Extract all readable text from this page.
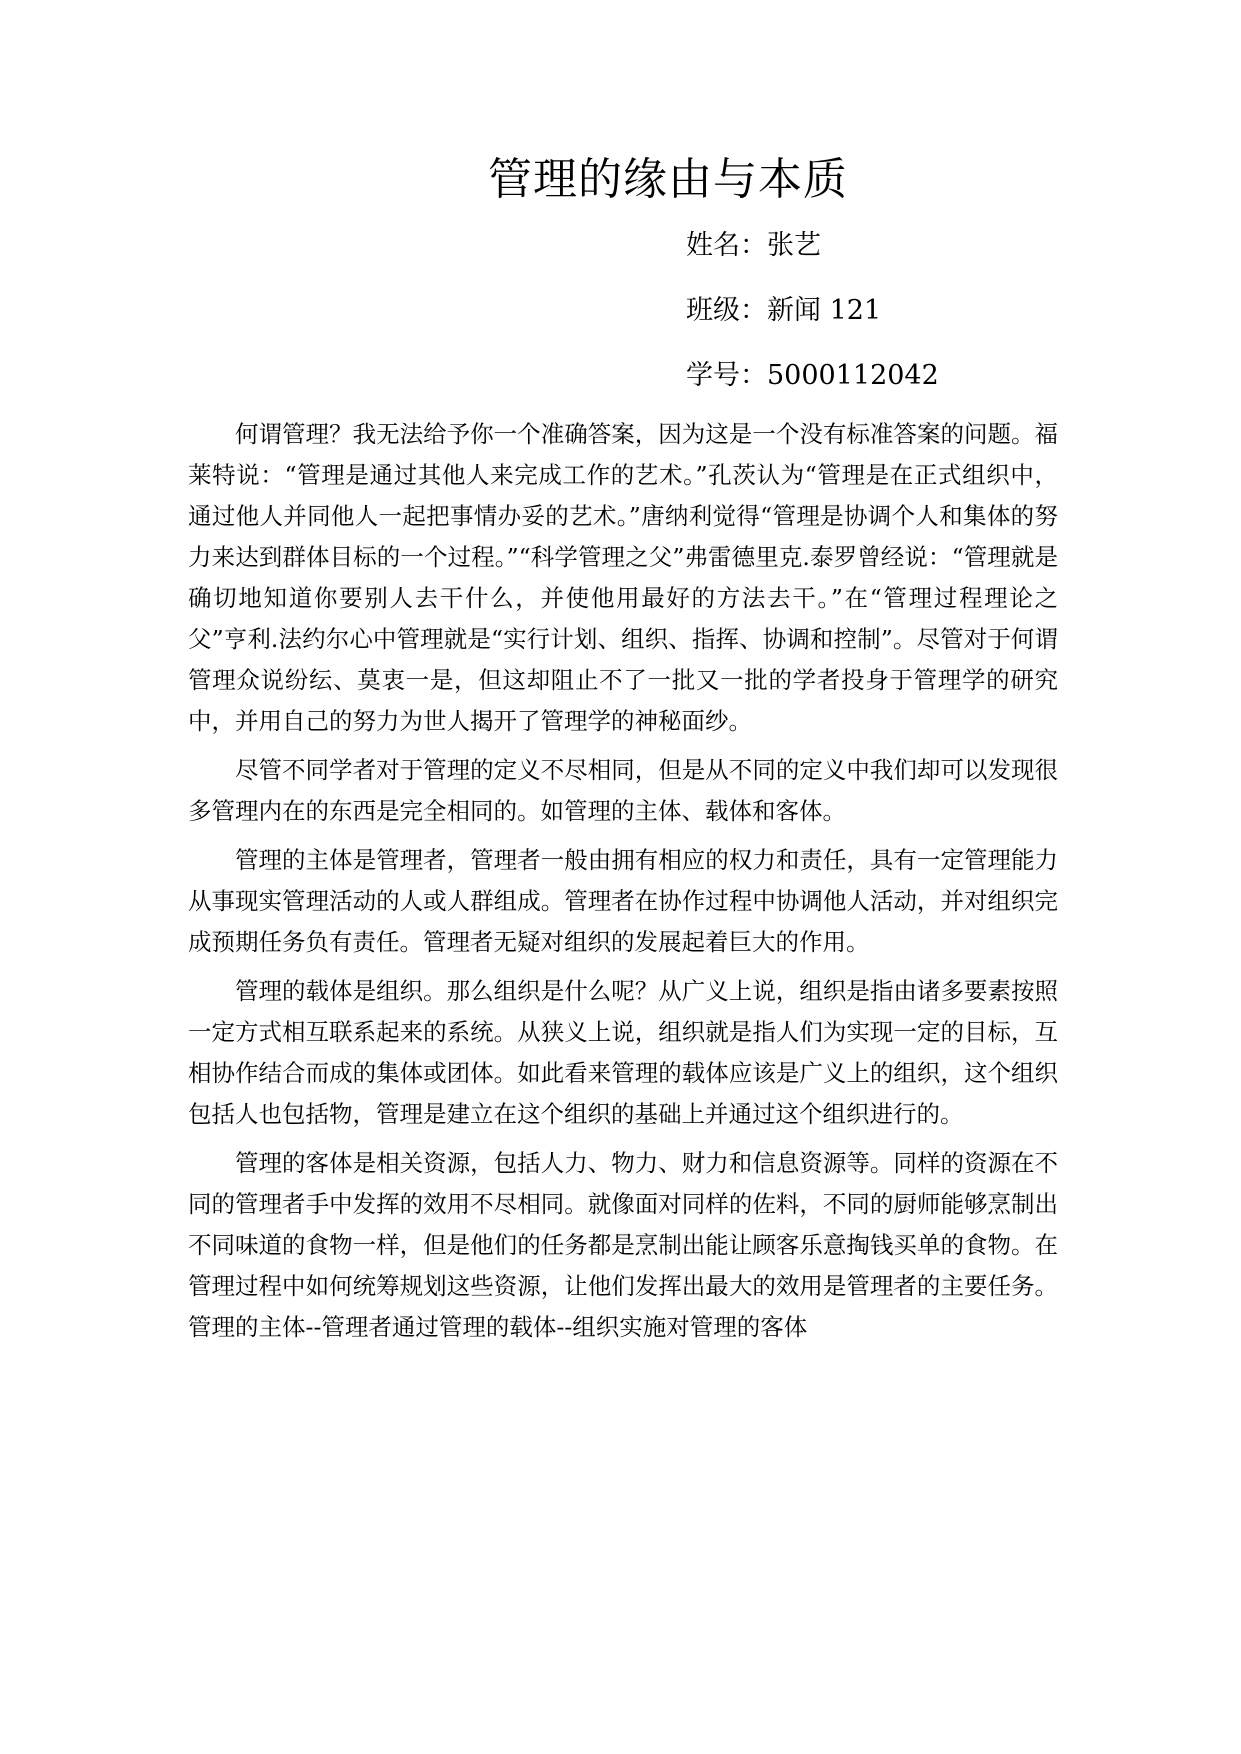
管理的缘由与本质
姓名：张艺
班级：新闻 121
学号：5000112042

何谓管理？我无法给予你一个准确答案，因为这是一个没有标准答案的问题。福莱特说：“管理是通过其他人来完成工作的艺术。”孔茨认为“管理是在正式组织中，通过他人并同他人一起把事情办妥的艺术。”唐纳利觉得“管理是协调个人和集体的努力来达到群体目标的一个过程。”“科学管理之父”弗雷德里克.泰罗曾经说：“管理就是确切地知道你要别人去干什么，并使他用最好的方法去干。”在“管理过程理论之父”亨利.法约尔心中管理就是“实行计划、组织、指挥、协调和控制”。尽管对于何谓管理众说纷纭、莫衷一是，但这却阻止不了一批又一批的学者投身于管理学的研究中，并用自己的努力为世人揭开了管理学的神秘面纱。

尽管不同学者对于管理的定义不尽相同，但是从不同的定义中我们却可以发现很多管理内在的东西是完全相同的。如管理的主体、载体和客体。

管理的主体是管理者，管理者一般由拥有相应的权力和责任，具有一定管理能力从事现实管理活动的人或人群组成。管理者在协作过程中协调他人活动，并对组织完成预期任务负有责任。管理者无疑对组织的发展起着巨大的作用。

管理的载体是组织。那么组织是什么呢？从广义上说，组织是指由诸多要素按照一定方式相互联系起来的系统。从狭义上说，组织就是指人们为实现一定的目标，互相协作结合而成的集体或团体。如此看来管理的载体应该是广义上的组织，这个组织包括人也包括物，管理是建立在这个组织的基础上并通过这个组织进行的。

管理的客体是相关资源，包括人力、物力、财力和信息资源等。同样的资源在不同的管理者手中发挥的效用不尽相同。就像面对同样的佐料，不同的厨师能够烹制出不同味道的食物一样，但是他们的任务都是烹制出能让顾客乐意掏钱买单的食物。在管理过程中如何统筹规划这些资源，让他们发挥出最大的效用是管理者的主要任务。管理的主体--管理者通过管理的载体--组织实施对管理的客体
